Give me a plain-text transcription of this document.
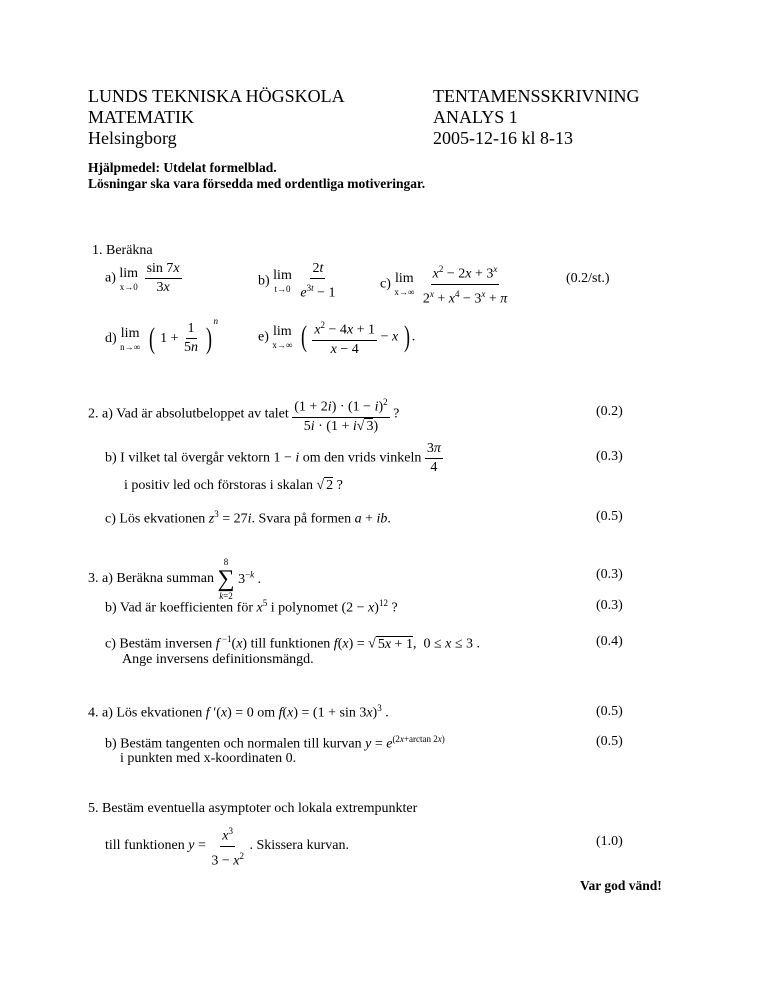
LUNDS TEKNISKA HÖGSKOLA
MATEMATIK
Helsingborg
TENTAMENSSKRIVNING
ANALYS 1
2005-12-16 kl 8-13
Hjälpmedel: Utdelat formelblad.
Lösningar ska vara försedda med ordentliga motiveringar.
1. Beräkna
a) lim
x→0
$\frac{\sin 7x}{3x}$	b) lim
t→0
$\frac{2t}{e^{3t} - 1}$	c) lim
x→∞
$\frac{x^2 - 2x + 3^x}{2^x + x^4 - 3^x + \pi}$	(0.2/st.)
d) lim
n→∞ ( $1 + \frac{1}{5n} )^n$
e) lim
x→∞ ( $\frac{x^2 - 4x + 1}{x - 4} - x$ ) .
2. a) Vad är absolutbeloppet av talet $\frac{(1 + 2i) \cdot (1 - i)^2}{5i \cdot (1 + i√ 3)}$ ?	(0.2)
b) I vilket tal övergår vektorn 1 − i om den vrids vinkeln $\frac{3\pi}{4}$	(0.3)
i positiv led och förstoras i skalan √ 2 ?
c) Lös ekvationen $z^3 = 27i$. Svara på formen a + ib.	(0.5)
3. a) Beräkna summan
8
∑
k=2
$3^{-k}$ .	(0.3)
b) Vad är koefficienten för $x^5$ i polynomet $(2 - x)^{12}$ ?	(0.3)
c) Bestäm inversen f $^{-1}$(x) till funktionen f(x) = √ 5x + 1,  0 ≤ x ≤ 3 .	(0.4)
Ange inversens definitionsmängd.
4. a) Lös ekvationen f ′(x) = 0 om $f(x) = (1 + \sin 3x)^3$ .	(0.5)
b) Bestäm tangenten och normalen till kurvan $y = e^{(2x+arctan 2x)}$	(0.5)
i punkten med x-koordinaten 0.
5. Bestäm eventuella asymptoter och lokala extrempunkter
till funktionen $y = \frac{x^3}{3 - x^2}$ . Skissera kurvan.	(1.0)
Var god vänd!
